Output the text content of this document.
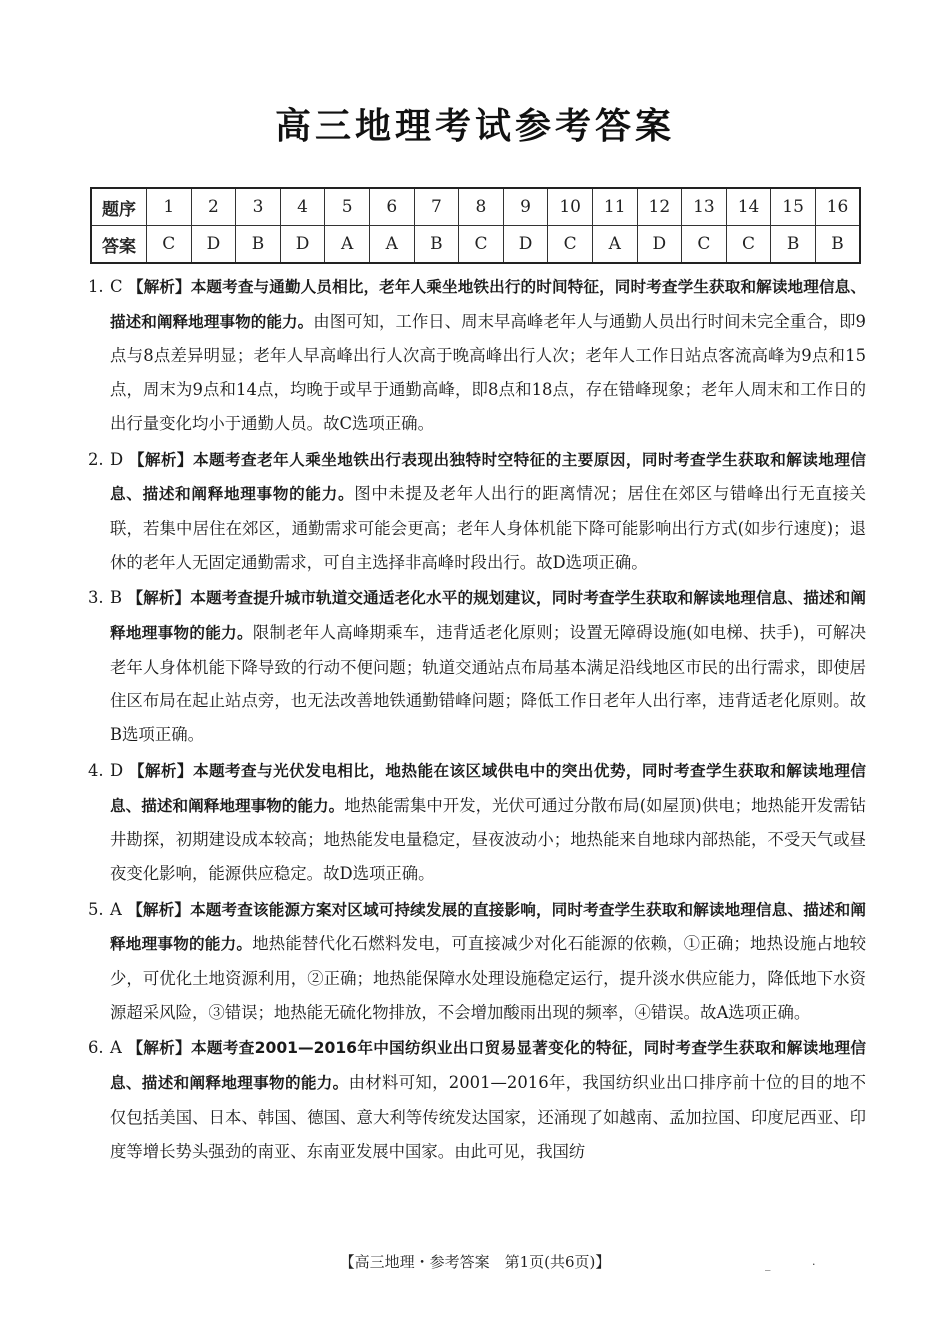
高三地理考试参考答案
题序	1	2	3	4	5	6	7	8	9	10	11	12	13	14	15	16
答案	C	D	B	D	A	A	B	C	D	C	A	D	C	C	B	B
1. C 【解析】本题考查与通勤人员相比，老年人乘坐地铁出行的时间特征，同时考查学生获取和解读地理信息、描述和阐释地理事物的能力。由图可知，工作日、周末早高峰老年人与通勤人员出行时间未完全重合，即9点与8点差异明显；老年人早高峰出行人次高于晚高峰出行人次；老年人工作日站点客流高峰为9点和15点，周末为9点和14点，均晚于或早于通勤高峰，即8点和18点，存在错峰现象；老年人周末和工作日的出行量变化均小于通勤人员。故C选项正确。
2. D 【解析】本题考查老年人乘坐地铁出行表现出独特时空特征的主要原因，同时考查学生获取和解读地理信息、描述和阐释地理事物的能力。图中未提及老年人出行的距离情况；居住在郊区与错峰出行无直接关联，若集中居住在郊区，通勤需求可能会更高；老年人身体机能下降可能影响出行方式(如步行速度)；退休的老年人无固定通勤需求，可自主选择非高峰时段出行。故D选项正确。
3. B 【解析】本题考查提升城市轨道交通适老化水平的规划建议，同时考查学生获取和解读地理信息、描述和阐释地理事物的能力。限制老年人高峰期乘车，违背适老化原则；设置无障碍设施(如电梯、扶手)，可解决老年人身体机能下降导致的行动不便问题；轨道交通站点布局基本满足沿线地区市民的出行需求，即使居住区布局在起止站点旁，也无法改善地铁通勤错峰问题；降低工作日老年人出行率，违背适老化原则。故B选项正确。
4. D 【解析】本题考查与光伏发电相比，地热能在该区域供电中的突出优势，同时考查学生获取和解读地理信息、描述和阐释地理事物的能力。地热能需集中开发，光伏可通过分散布局(如屋顶)供电；地热能开发需钻井勘探，初期建设成本较高；地热能发电量稳定，昼夜波动小；地热能来自地球内部热能，不受天气或昼夜变化影响，能源供应稳定。故D选项正确。
5. A 【解析】本题考查该能源方案对区域可持续发展的直接影响，同时考查学生获取和解读地理信息、描述和阐释地理事物的能力。地热能替代化石燃料发电，可直接减少对化石能源的依赖，①正确；地热设施占地较少，可优化土地资源利用，②正确；地热能保障水处理设施稳定运行，提升淡水供应能力，降低地下水资源超采风险，③错误；地热能无硫化物排放，不会增加酸雨出现的频率，④错误。故A选项正确。
6. A 【解析】本题考查2001—2016年中国纺织业出口贸易显著变化的特征，同时考查学生获取和解读地理信息、描述和阐释地理事物的能力。由材料可知，2001—2016年，我国纺织业出口排序前十位的目的地不仅包括美国、日本、韩国、德国、意大利等传统发达国家，还涌现了如越南、孟加拉国、印度尼西亚、印度等增长势头强劲的南亚、东南亚发展中国家。由此可见，我国纺
【高三地理・参考答案　第1页(共6页)】	_	·
